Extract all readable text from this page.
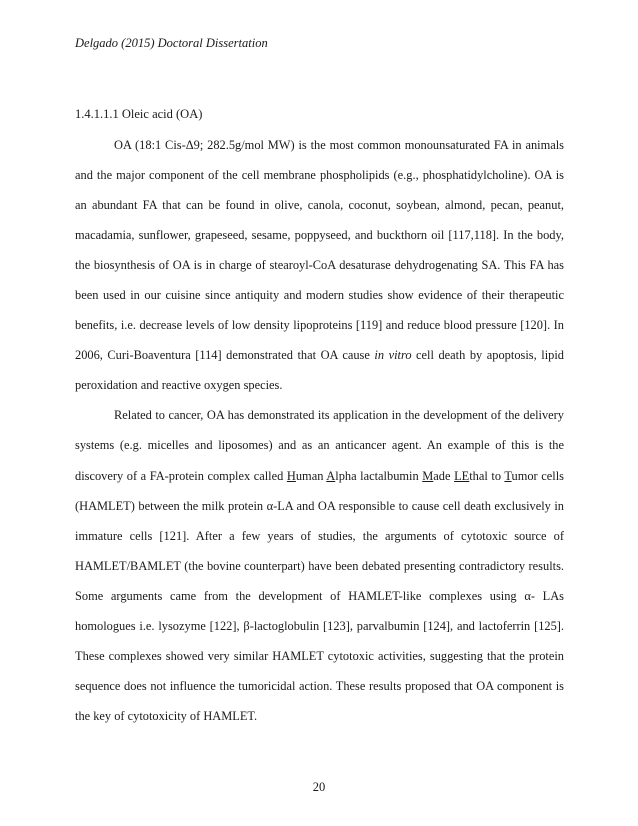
Delgado (2015) Doctoral Dissertation
1.4.1.1.1 Oleic acid (OA)

OA (18:1 Cis-Δ9; 282.5g/mol MW) is the most common monounsaturated FA in animals and the major component of the cell membrane phospholipids (e.g., phosphatidylcholine). OA is an abundant FA that can be found in olive, canola, coconut, soybean, almond, pecan, peanut, macadamia, sunflower, grapeseed, sesame, poppyseed, and buckthorn oil [117,118]. In the body, the biosynthesis of OA is in charge of stearoyl-CoA desaturase dehydrogenating SA. This FA has been used in our cuisine since antiquity and modern studies show evidence of their therapeutic benefits, i.e. decrease levels of low density lipoproteins [119] and reduce blood pressure [120]. In 2006, Curi-Boaventura [114] demonstrated that OA cause in vitro cell death by apoptosis, lipid peroxidation and reactive oxygen species.

Related to cancer, OA has demonstrated its application in the development of the delivery systems (e.g. micelles and liposomes) and as an anticancer agent. An example of this is the discovery of a FA-protein complex called Human Alpha lactalbumin Made LEthal to Tumor cells (HAMLET) between the milk protein α-LA and OA responsible to cause cell death exclusively in immature cells [121]. After a few years of studies, the arguments of cytotoxic source of HAMLET/BAMLET (the bovine counterpart) have been debated presenting contradictory results. Some arguments came from the development of HAMLET-like complexes using α- LAs homologues i.e. lysozyme [122], β-lactoglobulin [123], parvalbumin [124], and lactoferrin [125]. These complexes showed very similar HAMLET cytotoxic activities, suggesting that the protein sequence does not influence the tumoricidal action. These results proposed that OA component is the key of cytotoxicity of HAMLET.

20
